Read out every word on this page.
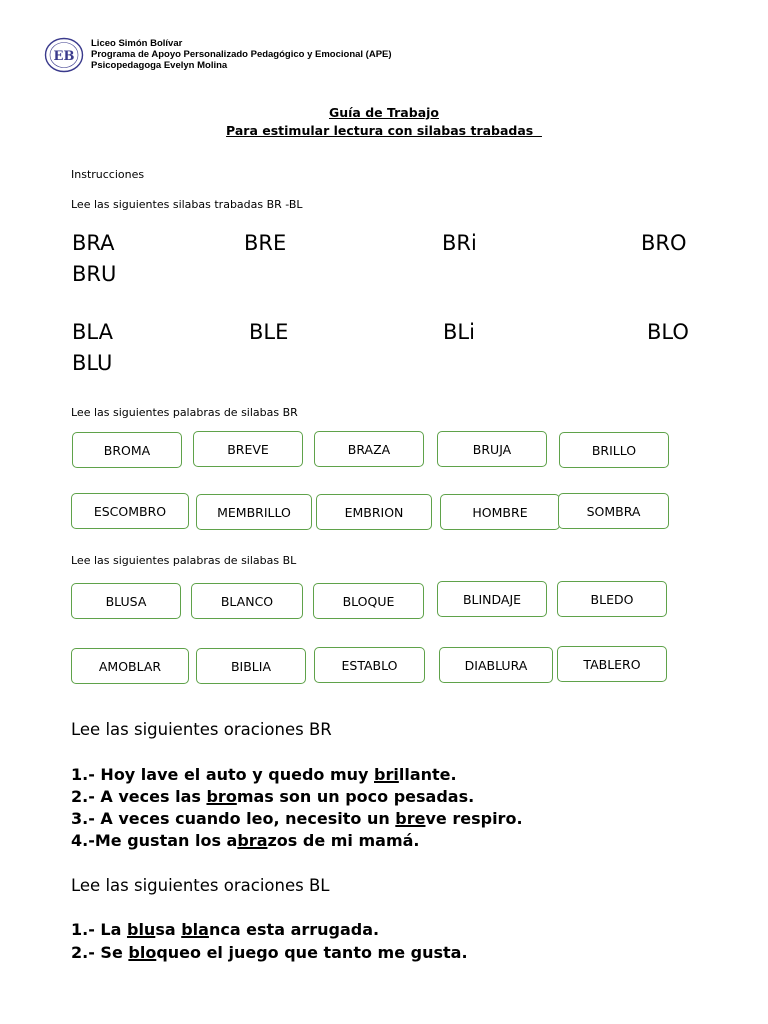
EB
Liceo Simón Bolívar
Programa de Apoyo Personalizado Pedagógico y Emocional (APE)
Psicopedagoga Evelyn Molina
Guía de Trabajo
Para estimular lectura con silabas trabadas
Instrucciones
Lee las siguientes silabas trabadas BR -BL
BRA	BRE	BRi	BRO
BRU
BLA	BLE	BLi	BLO
BLU
Lee las siguientes palabras de silabas BR
BROMA	BREVE	BRAZA	BRUJA	BRILLO
ESCOMBRO	MEMBRILLO	EMBRION	HOMBRE	SOMBRA
Lee las siguientes palabras de silabas BL
BLUSA	BLANCO	BLOQUE	BLINDAJE	BLEDO
AMOBLAR	BIBLIA	ESTABLO	DIABLURA	TABLERO
Lee las siguientes oraciones BR
1.- Hoy lave el auto y quedo muy brillante.
2.- A veces las bromas son un poco pesadas.
3.- A veces cuando leo, necesito un breve respiro.
4.-Me gustan los abrazos de mi mamá.
Lee las siguientes oraciones BL
1.- La blusa blanca esta arrugada.
2.- Se bloqueo el juego que tanto me gusta.
